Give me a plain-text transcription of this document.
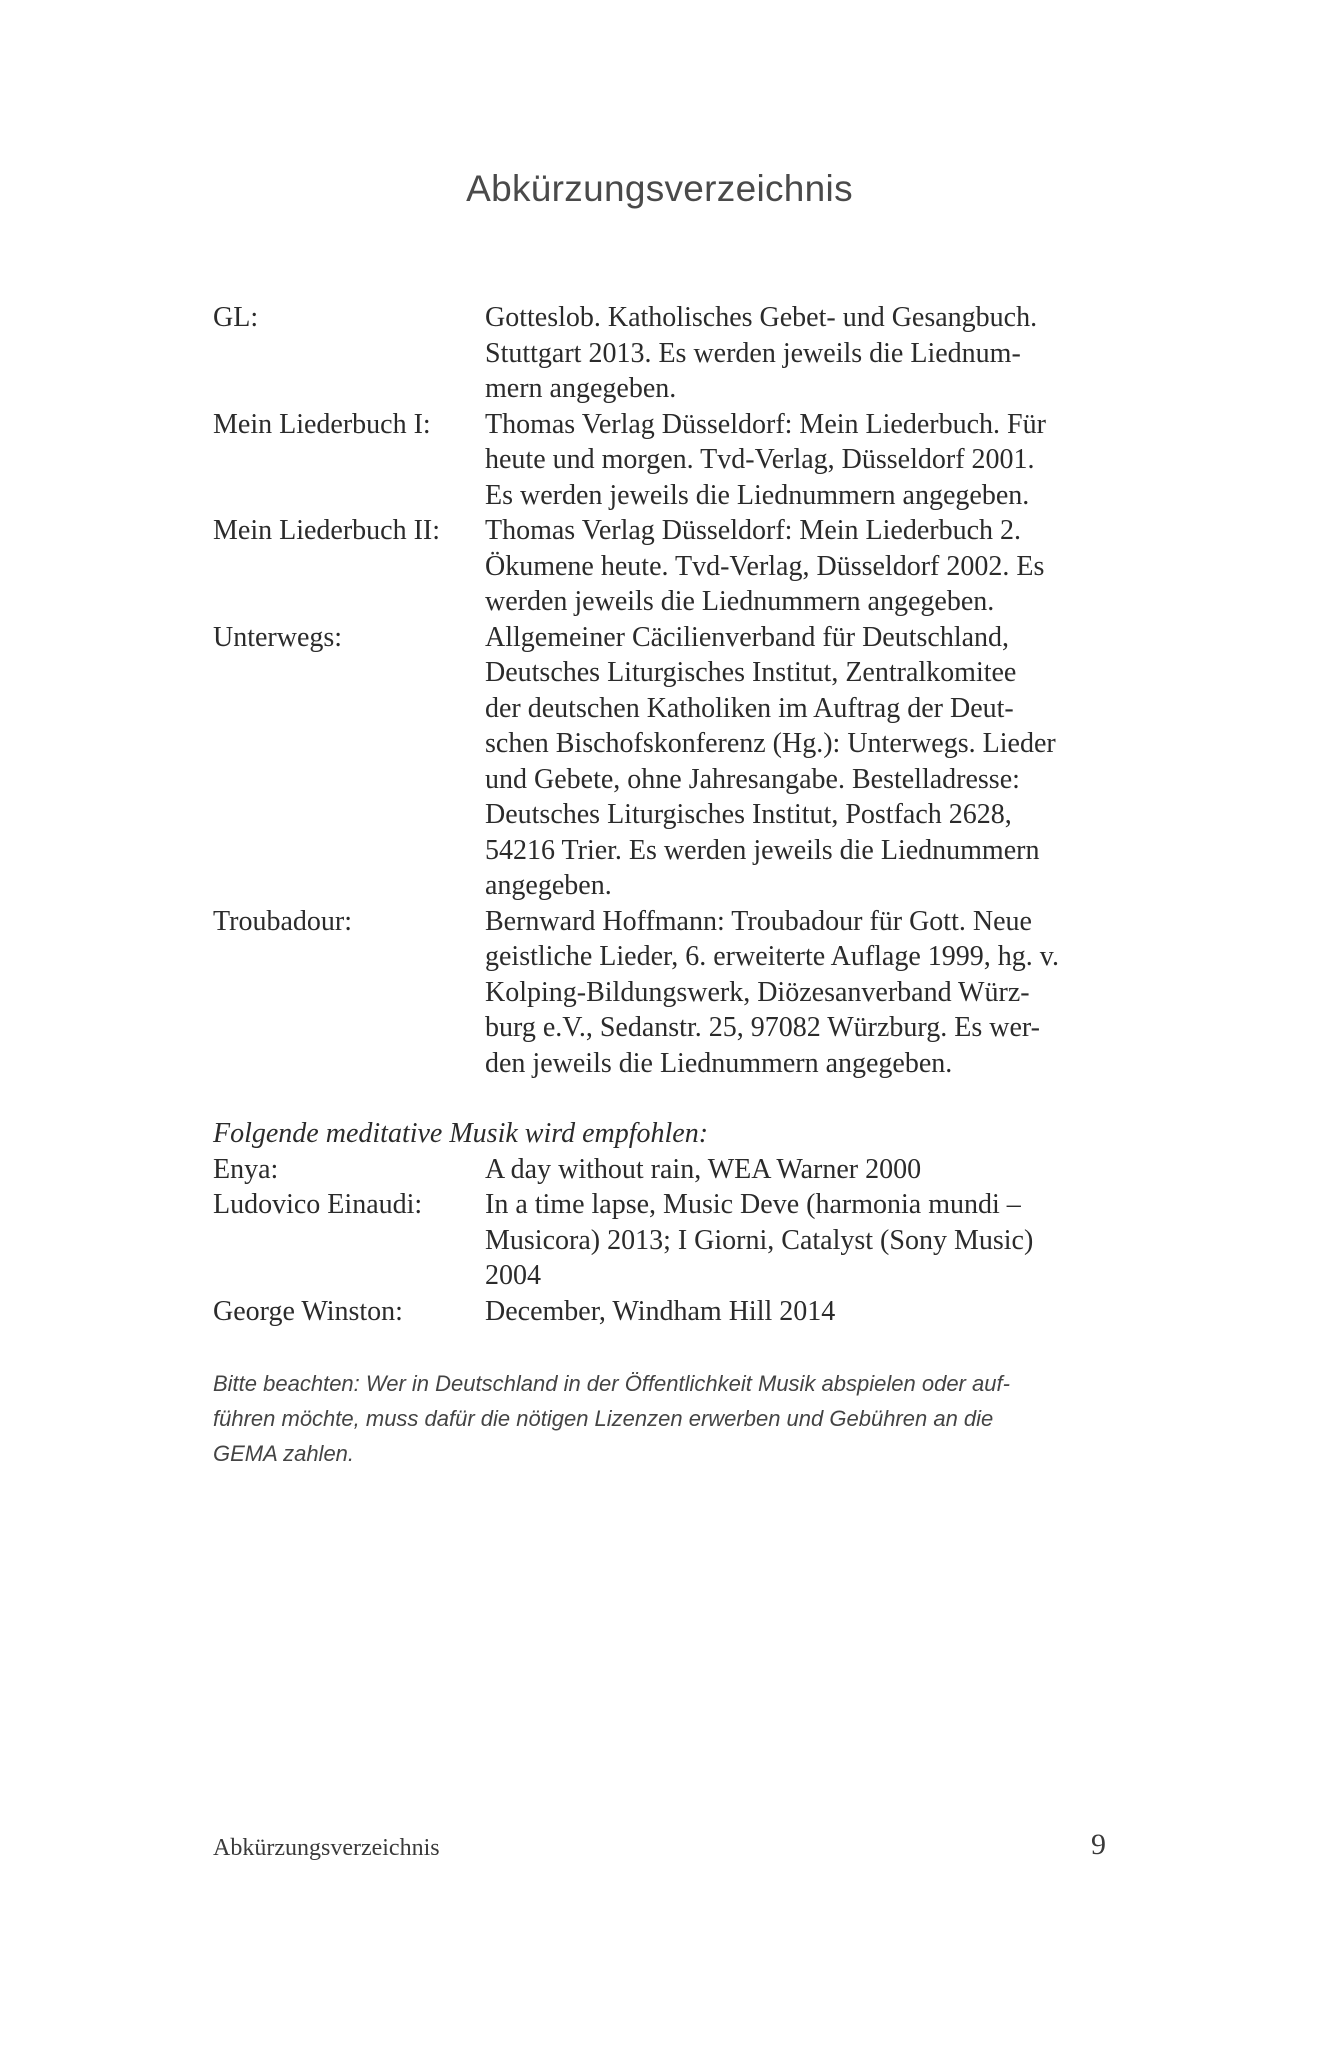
Abkürzungsverzeichnis
GL:	Gotteslob. Katholisches Gebet- und Gesangbuch.
Stuttgart 2013. Es werden jeweils die Liednum-
mern angegeben.
Mein Liederbuch I:	Thomas Verlag Düsseldorf: Mein Liederbuch. Für
heute und morgen. Tvd-Verlag, Düsseldorf 2001.
Es werden jeweils die Liednummern angegeben.
Mein Liederbuch II:	Thomas Verlag Düsseldorf: Mein Liederbuch 2.
Ökumene heute. Tvd-Verlag, Düsseldorf 2002. Es
werden jeweils die Liednummern angegeben.
Unterwegs:	Allgemeiner Cäcilienverband für Deutschland,
Deutsches Liturgisches Institut, Zentralkomitee
der deutschen Katholiken im Auftrag der Deut-
schen Bischofskonferenz (Hg.): Unterwegs. Lieder
und Gebete, ohne Jahresangabe. Bestelladresse:
Deutsches Liturgisches Institut, Postfach 2628,
54216 Trier. Es werden jeweils die Liednummern
angegeben.
Troubadour:	Bernward Hoffmann: Troubadour für Gott. Neue
geistliche Lieder, 6. erweiterte Auflage 1999, hg. v.
Kolping-Bildungswerk, Diözesanverband Würz-
burg e.V., Sedanstr. 25, 97082 Würzburg. Es wer-
den jeweils die Liednummern angegeben.
Folgende meditative Musik wird empfohlen:
Enya:	A day without rain, WEA Warner 2000
Ludovico Einaudi:	In a time lapse, Music Deve (harmonia mundi –
Musicora) 2013; I Giorni, Catalyst (Sony Music)
2004
George Winston:	December, Windham Hill 2014
Bitte beachten: Wer in Deutschland in der Öffentlichkeit Musik abspielen oder auf-
führen möchte, muss dafür die nötigen Lizenzen erwerben und Gebühren an die
GEMA zahlen.
Abkürzungsverzeichnis	9
